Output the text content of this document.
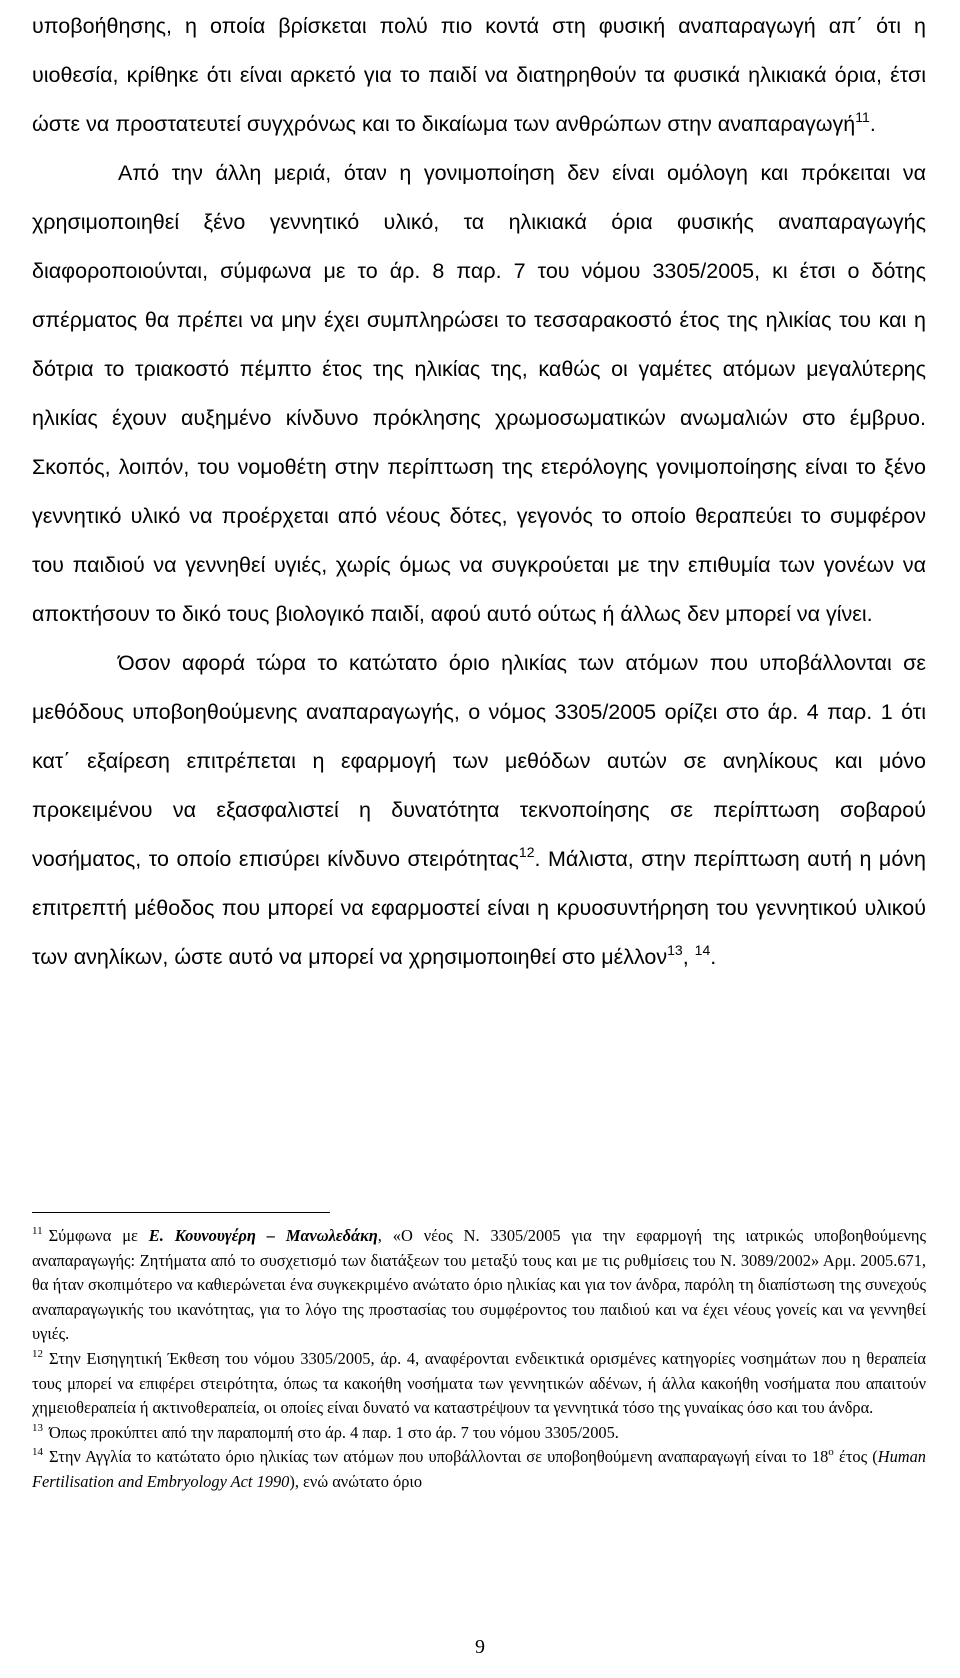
υποβοήθησης, η οποία βρίσκεται πολύ πιο κοντά στη φυσική αναπαραγωγή απ΄ ότι η υιοθεσία, κρίθηκε ότι είναι αρκετό για το παιδί να διατηρηθούν τα φυσικά ηλικιακά όρια, έτσι ώστε να προστατευτεί συγχρόνως και το δικαίωμα των ανθρώπων στην αναπαραγωγή$^{11}$.

Από την άλλη μεριά, όταν η γονιμοποίηση δεν είναι ομόλογη και πρόκειται να χρησιμοποιηθεί ξένο γεννητικό υλικό, τα ηλικιακά όρια φυσικής αναπαραγωγής διαφοροποιούνται, σύμφωνα με το άρ. 8 παρ. 7 του νόμου 3305/2005, κι έτσι ο δότης σπέρματος θα πρέπει να μην έχει συμπληρώσει το τεσσαρακοστό έτος της ηλικίας του και η δότρια το τριακοστό πέμπτο έτος της ηλικίας της, καθώς οι γαμέτες ατόμων μεγαλύτερης ηλικίας έχουν αυξημένο κίνδυνο πρόκλησης χρωμοσωματικών ανωμαλιών στο έμβρυο. Σκοπός, λοιπόν, του νομοθέτη στην περίπτωση της ετερόλογης γονιμοποίησης είναι το ξένο γεννητικό υλικό να προέρχεται από νέους δότες, γεγονός το οποίο θεραπεύει το συμφέρον του παιδιού να γεννηθεί υγιές, χωρίς όμως να συγκρούεται με την επιθυμία των γονέων να αποκτήσουν το δικό τους βιολογικό παιδί, αφού αυτό ούτως ή άλλως δεν μπορεί να γίνει.

Όσον αφορά τώρα το κατώτατο όριο ηλικίας των ατόμων που υποβάλλονται σε μεθόδους υποβοηθούμενης αναπαραγωγής, ο νόμος 3305/2005 ορίζει στο άρ. 4 παρ. 1 ότι κατ΄ εξαίρεση επιτρέπεται η εφαρμογή των μεθόδων αυτών σε ανηλίκους και μόνο προκειμένου να εξασφαλιστεί η δυνατότητα τεκνοποίησης σε περίπτωση σοβαρού νοσήματος, το οποίο επισύρει κίνδυνο στειρότητας$^{12}$. Μάλιστα, στην περίπτωση αυτή η μόνη επιτρεπτή μέθοδος που μπορεί να εφαρμοστεί είναι η κρυοσυντήρηση του γεννητικού υλικού των ανηλίκων, ώστε αυτό να μπορεί να χρησιμοποιηθεί στο μέλλον$^{13}$, $^{14}$.

$^{11}$ Σύμφωνα με Ε. Κουνουγέρη – Μανωλεδάκη, «Ο νέος Ν. 3305/2005 για την εφαρμογή της ιατρικώς υποβοηθούμενης αναπαραγωγής: Ζητήματα από το συσχετισμό των διατάξεων του μεταξύ τους και με τις ρυθμίσεις του Ν. 3089/2002» Αρμ. 2005.671, θα ήταν σκοπιμότερο να καθιερώνεται ένα συγκεκριμένο ανώτατο όριο ηλικίας και για τον άνδρα, παρόλη τη διαπίστωση της συνεχούς αναπαραγωγικής του ικανότητας, για το λόγο της προστασίας του συμφέροντος του παιδιού και να έχει νέους γονείς και να γεννηθεί υγιές.

$^{12}$ Στην Εισηγητική Έκθεση του νόμου 3305/2005, άρ. 4, αναφέρονται ενδεικτικά ορισμένες κατηγορίες νοσημάτων που η θεραπεία τους μπορεί να επιφέρει στειρότητα, όπως τα κακοήθη νοσήματα των γεννητικών αδένων, ή άλλα κακοήθη νοσήματα που απαιτούν χημειοθεραπεία ή ακτινοθεραπεία, οι οποίες είναι δυνατό να καταστρέψουν τα γεννητικά τόσο της γυναίκας όσο και του άνδρα.

$^{13}$ Όπως προκύπτει από την παραπομπή στο άρ. 4 παρ. 1 στο άρ. 7 του νόμου 3305/2005.

$^{14}$ Στην Αγγλία το κατώτατο όριο ηλικίας των ατόμων που υποβάλλονται σε υποβοηθούμενη αναπαραγωγή είναι το $18^o$ έτος (Human Fertilisation and Embryology Act 1990), ενώ ανώτατο όριο

9
